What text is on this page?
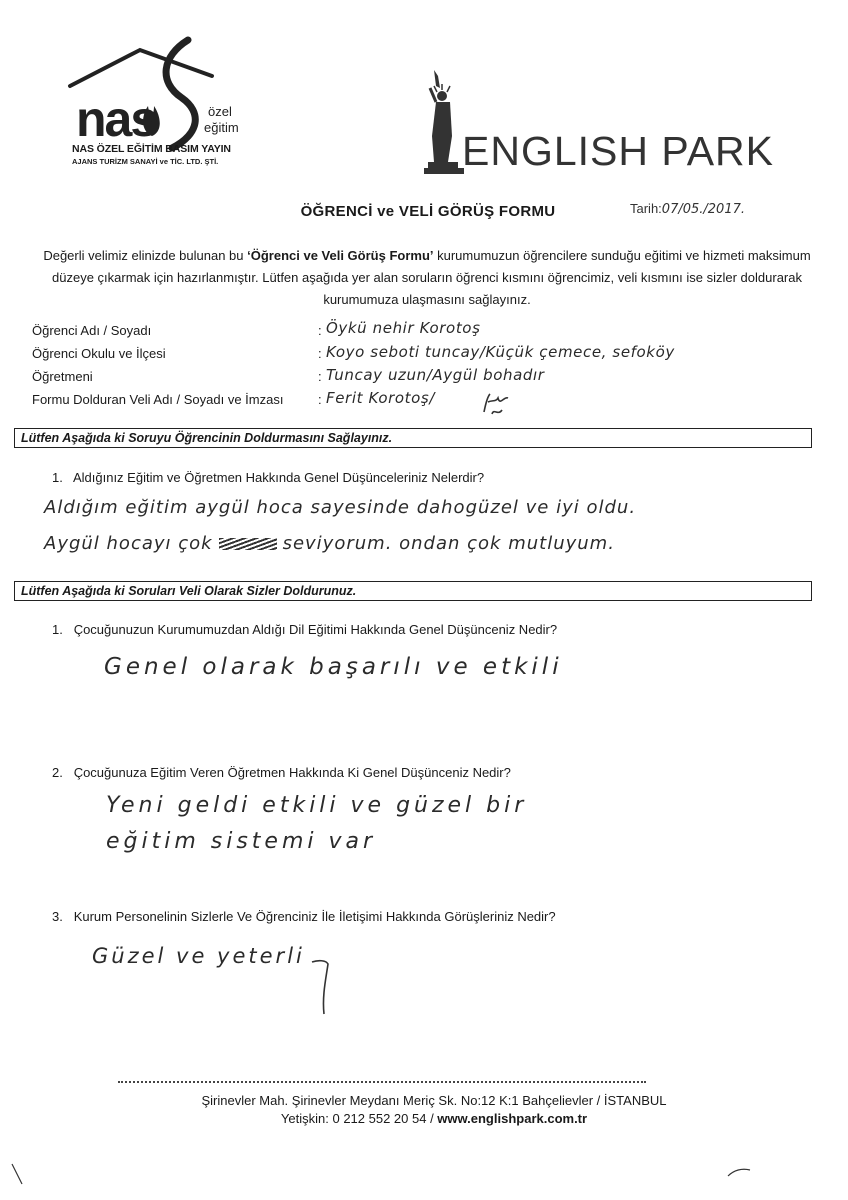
nas	özel
eğitim
NAS ÖZEL EĞİTİM BASIM YAYIN
AJANS TURİZM SANAYİ ve TİC. LTD. ŞTİ.	ENGLISH PARK
ÖĞRENCİ ve VELİ GÖRÜŞ FORMU	Tarih:07/05./2017.
Değerli velimiz elinizde bulunan bu ‘Öğrenci ve Veli Görüş Formu’ kurumumuzun öğrencilere sunduğu eğitimi ve hizmeti maksimum düzeye çıkarmak için hazırlanmıştır. Lütfen aşağıda yer alan soruların öğrenci kısmını öğrencimiz, veli kısmını ise sizler doldurarak kurumumuza ulaşmasını sağlayınız.
Öğrenci Adı / Soyadı	: Öykü nehir Korotoş
Öğrenci Okulu ve İlçesi	: Koyo seboti tuncay/Küçük çemece, sefoköy
Öğretmeni	: Tuncay uzun/Aygül bohadır
Formu Dolduran Veli Adı / Soyadı ve İmzası	: Ferit Korotoş/
Lütfen Aşağıda ki Soruyu Öğrencinin Doldurmasını Sağlayınız.
1. Aldığınız Eğitim ve Öğretmen Hakkında Genel Düşünceleriniz Nelerdir?
Aldığım eğitim aygül hoca sayesinde dahogüzel ve iyi oldu.
Aygül hocayı çok	seviyorum. ondan çok mutluyum.
Lütfen Aşağıda ki Soruları Veli Olarak Sizler Doldurunuz.
1. Çocuğunuzun Kurumumuzdan Aldığı Dil Eğitimi Hakkında Genel Düşünceniz Nedir?
Genel olarak başarılı ve etkili
2. Çocuğunuza Eğitim Veren Öğretmen Hakkında Ki Genel Düşünceniz Nedir?
Yeni geldi etkili ve güzel bir
eğitim sistemi var
3. Kurum Personelinin Sizlerle Ve Öğrenciniz İle İletişimi Hakkında Görüşleriniz Nedir?
Güzel ve yeterli
Şirinevler Mah. Şirinevler Meydanı Meriç Sk. No:12 K:1 Bahçelievler / İSTANBUL
Yetişkin: 0 212 552 20 54 / www.englishpark.com.tr
